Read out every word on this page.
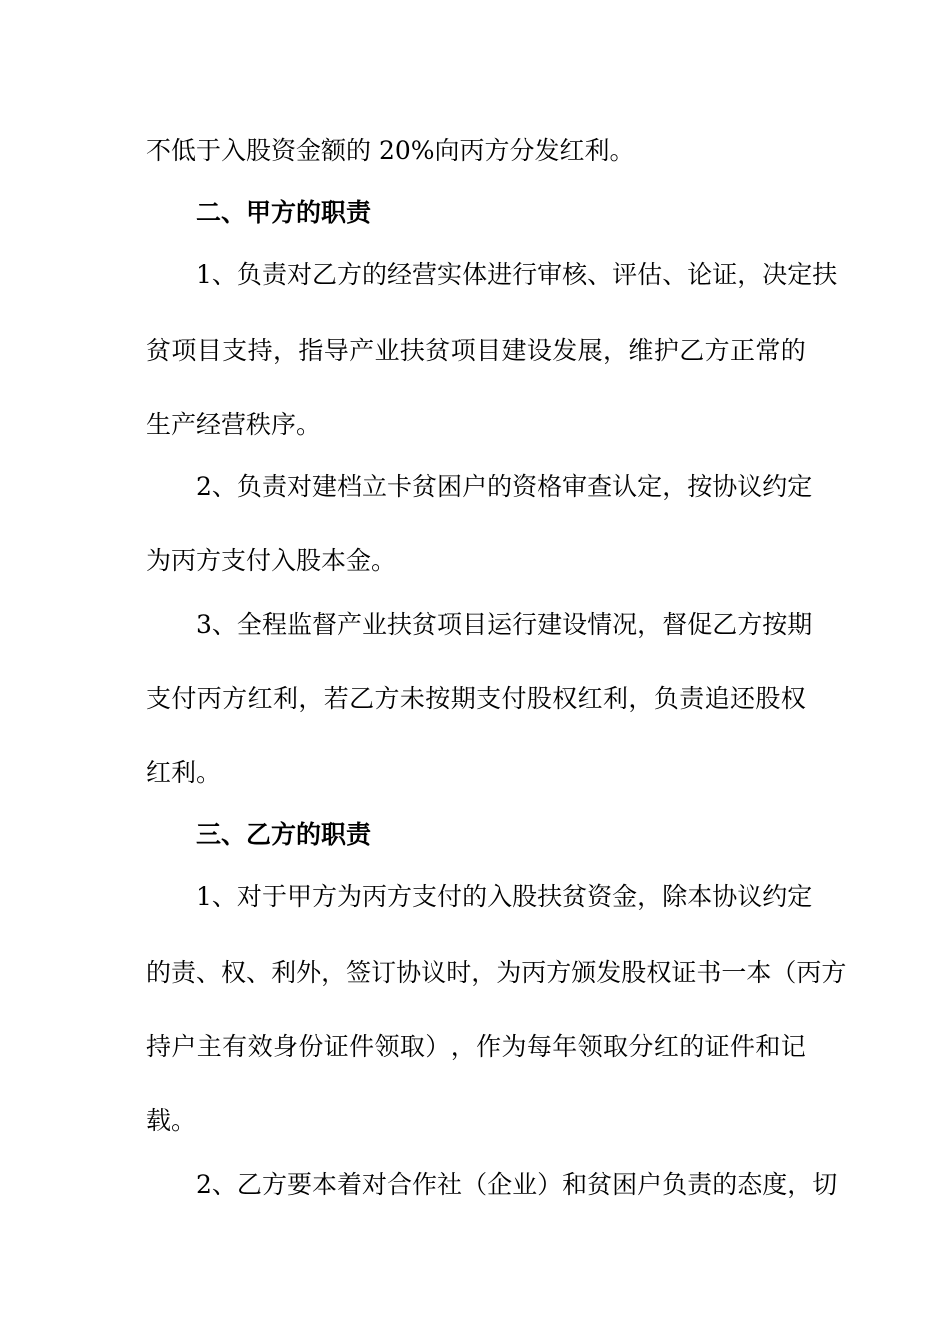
不低于入股资金额的 20%向丙方分发红利。
二、甲方的职责
1 、 负 责 对 乙 方 的 经 营 实 体 进 行 审 核 、 评 估 、 论 证 ， 决 定 扶
贫 项 目 支 持 ， 指 导 产 业 扶 贫 项 目 建 设 发 展 ， 维 护 乙 方 正 常 的
生产经营秩序。
2 、 负 责 对 建 档 立 卡 贫 困 户 的 资 格 审 查 认 定 ， 按 协 议 约 定
为丙方支付入股本金。
3 、 全 程 监 督 产 业 扶 贫 项 目 运 行 建 设 情 况 ， 督 促 乙 方 按 期
支 付 丙 方 红 利 ， 若 乙 方 未 按 期 支 付 股 权 红 利 ， 负 责 追 还 股 权
红利。
三、乙方的职责
1 、 对 于 甲 方 为 丙 方 支 付 的 入 股 扶 贫 资 金 ， 除 本 协 议 约 定
的 责 、 权 、 利 外 ， 签 订 协 议 时 ， 为 丙 方 颁 发 股 权 证 书 一 本 （ 丙 方
持 户 主 有 效 身 份 证 件 领 取 ） ， 作 为 每 年 领 取 分 红 的 证 件 和 记
载。
2 、 乙 方 要 本 着 对 合 作 社 （ 企 业 ） 和 贫 困 户 负 责 的 态 度 ， 切
